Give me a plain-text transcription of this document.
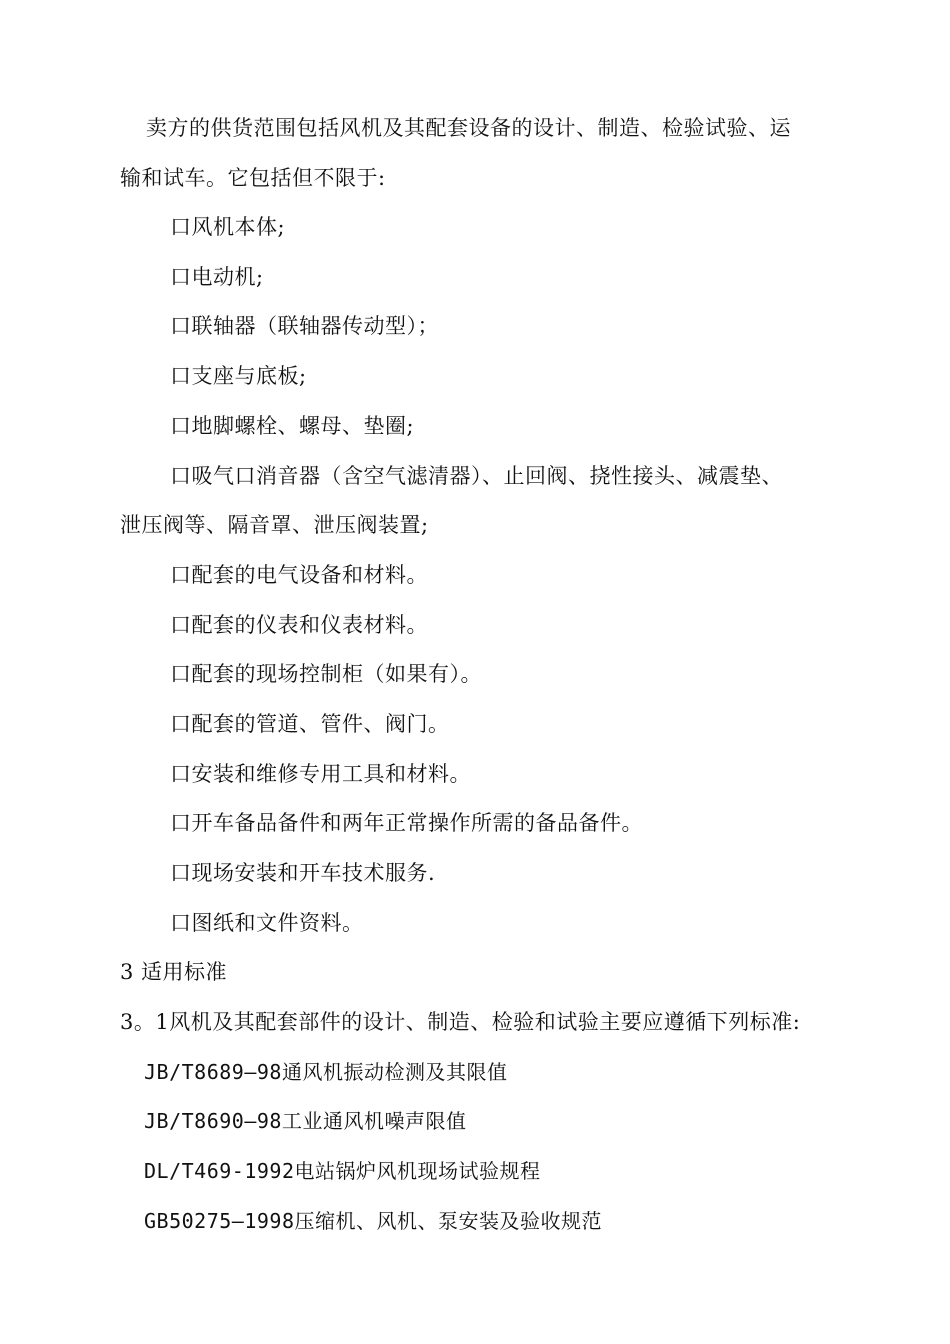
卖方的供货范围包括风机及其配套设备的设计、制造、检验试验、运
输和试车。它包括但不限于:
口风机本体;
口电动机;
口联轴器（联轴器传动型）；
口支座与底板;
口地脚螺栓、螺母、垫圈;
口吸气口消音器（含空气滤清器）、止回阀、挠性接头、减震垫、
泄压阀等、隔音罩、泄压阀装置;
口配套的电气设备和材料。
口配套的仪表和仪表材料。
口配套的现场控制柜（如果有）。
口配套的管道、管件、阀门。
口安装和维修专用工具和材料。
口开车备品备件和两年正常操作所需的备品备件。
口现场安装和开车技术服务.
口图纸和文件资料。
3 适用标准
3。1风机及其配套部件的设计、制造、检验和试验主要应遵循下列标准:
JB/T8689—98通风机振动检测及其限值
JB/T8690—98工业通风机噪声限值
DL/T469-1992电站锅炉风机现场试验规程
GB50275—1998压缩机、风机、泵安装及验收规范
